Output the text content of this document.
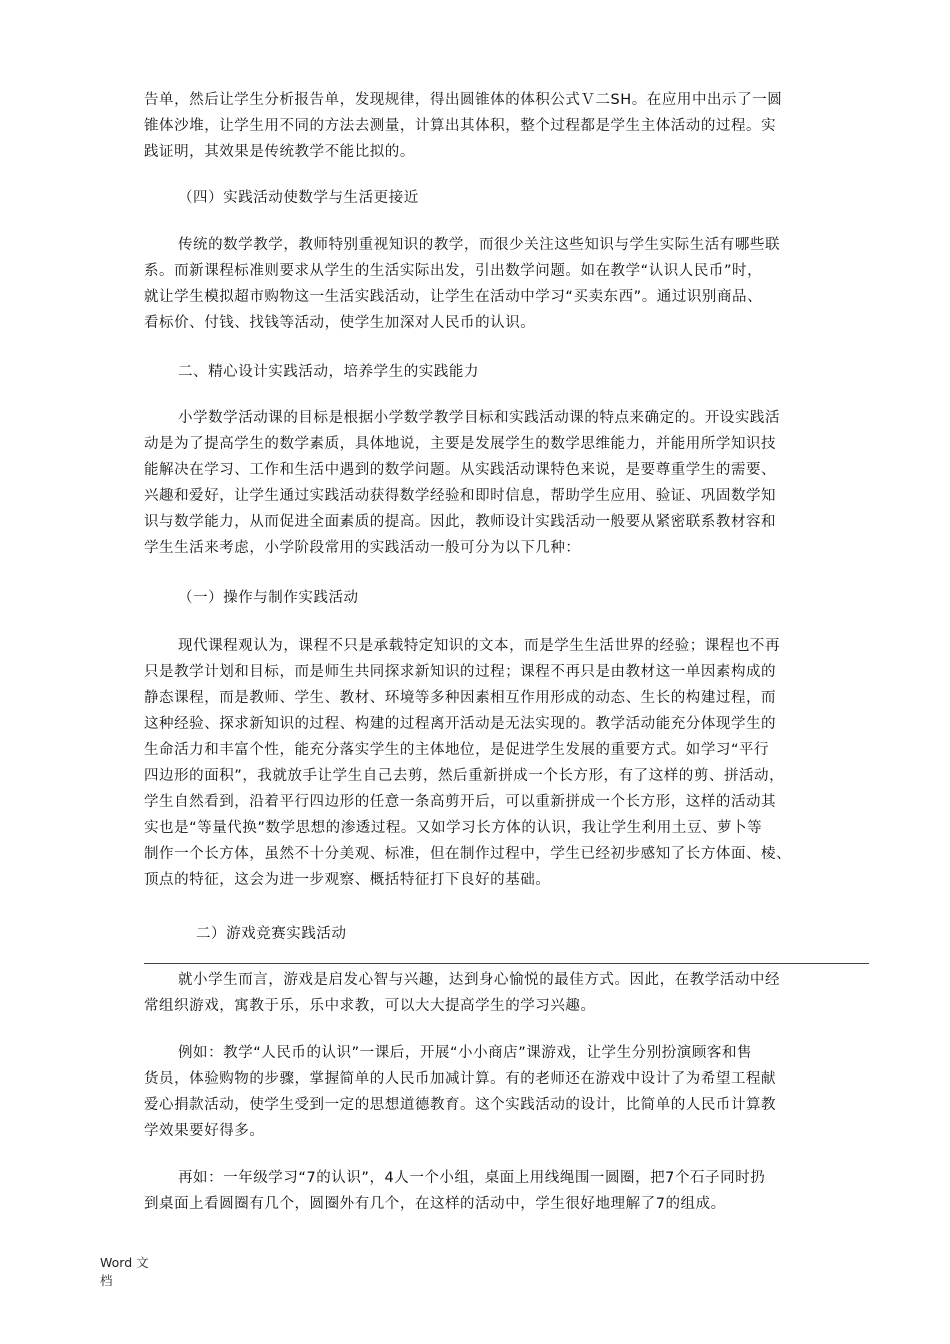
告单，然后让学生分析报告单，发现规律，得出圆锥体的体积公式Ｖ二SH。在应用中出示了一圆
锥体沙堆，让学生用不同的方法去测量，计算出其体积，整个过程都是学生主体活动的过程。实
践证明，其效果是传统教学不能比拟的。
（四）实践活动使数学与生活更接近
传统的数学教学，教师特别重视知识的教学，而很少关注这些知识与学生实际生活有哪些联
系。而新课程标准则要求从学生的生活实际出发，引出数学问题。如在教学“认识人民币”时，
就让学生模拟超市购物这一生活实践活动，让学生在活动中学习“买卖东西”。通过识别商品、
看标价、付钱、找钱等活动，使学生加深对人民币的认识。
二、精心设计实践活动，培养学生的实践能力
小学数学活动课的目标是根据小学数学教学目标和实践活动课的特点来确定的。开设实践活
动是为了提高学生的数学素质，具体地说，主要是发展学生的数学思维能力，并能用所学知识技
能解决在学习、工作和生活中遇到的数学问题。从实践活动课特色来说，是要尊重学生的需要、
兴趣和爱好，让学生通过实践活动获得数学经验和即时信息，帮助学生应用、验证、巩固数学知
识与数学能力，从而促进全面素质的提高。因此，教师设计实践活动一般要从紧密联系教材容和
学生生活来考虑，小学阶段常用的实践活动一般可分为以下几种：
（一）操作与制作实践活动
现代课程观认为，课程不只是承载特定知识的文本，而是学生生活世界的经验；课程也不再
只是教学计划和目标，而是师生共同探求新知识的过程；课程不再只是由教材这一单因素构成的
静态课程，而是教师、学生、教材、环境等多种因素相互作用形成的动态、生长的构建过程，而
这种经验、探求新知识的过程、构建的过程离开活动是无法实现的。教学活动能充分体现学生的
生命活力和丰富个性，能充分落实学生的主体地位，是促进学生发展的重要方式。如学习“平行
四边形的面积”，我就放手让学生自己去剪，然后重新拼成一个长方形，有了这样的剪、拼活动，
学生自然看到，沿着平行四边形的任意一条高剪开后，可以重新拼成一个长方形，这样的活动其
实也是“等量代换”数学思想的渗透过程。又如学习长方体的认识，我让学生利用土豆、萝卜等
制作一个长方体，虽然不十分美观、标准，但在制作过程中，学生已经初步感知了长方体面、棱、
顶点的特征，这会为进一步观察、概括特征打下良好的基础。
二）游戏竞赛实践活动
就小学生而言，游戏是启发心智与兴趣，达到身心愉悦的最佳方式。因此，在教学活动中经
常组织游戏，寓教于乐，乐中求教，可以大大提高学生的学习兴趣。
例如：教学“人民币的认识”一课后，开展“小小商店”课游戏，让学生分别扮演顾客和售
货员，体验购物的步骤，掌握简单的人民币加减计算。有的老师还在游戏中设计了为希望工程献
爱心捐款活动，使学生受到一定的思想道德教育。这个实践活动的设计，比简单的人民币计算教
学效果要好得多。
再如：一年级学习“7的认识”，4人一个小组，桌面上用线绳围一圆圈，把7个石子同时扔
到桌面上看圆圈有几个，圆圈外有几个，在这样的活动中，学生很好地理解了7的组成。
Word 文
档
